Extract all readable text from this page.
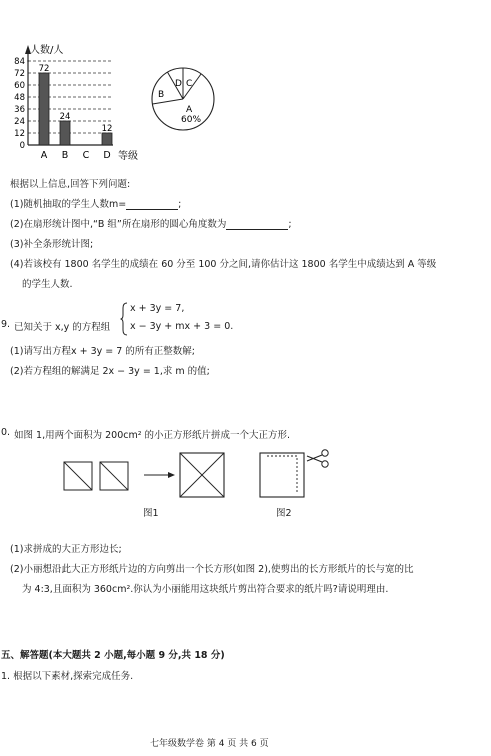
84
72
60
48
36
24
12
0
72
24
12
A B C D
人数/人
等级
B
D C
A
60%
根据以上信息,回答下列问题:
(1)随机抽取的学生人数m=	;
(2)在扇形统计图中,“B 组”所在扇形的圆心角度数为	;
(3)补全条形统计图;
(4)若该校有 1800 名学生的成绩在 60 分至 100 分之间,请你估计这 1800 名学生中成绩达到 A 等级
的学生人数.
9. 已知关于 x,y 的方程组
x + 3y = 7,
x − 3y + mx + 3 = 0.
(1)请写出方程x + 3y = 7 的所有正整数解;
(2)若方程组的解满足 2x − 3y = 1,求 m 的值;
0. 如图 1,用两个面积为 200cm² 的小正方形纸片拼成一个大正方形.
图1	图2
(1)求拼成的大正方形边长;
(2)小丽想沿此大正方形纸片边的方向剪出一个长方形(如图 2),使剪出的长方形纸片的长与宽的比
为 4:3,且面积为 360cm².你认为小丽能用这块纸片剪出符合要求的纸片吗?请说明理由.
五、解答题(本大题共 2 小题,每小题 9 分,共 18 分)
1. 根据以下素材,探索完成任务.
七年级数学卷 第 4 页 共 6 页
